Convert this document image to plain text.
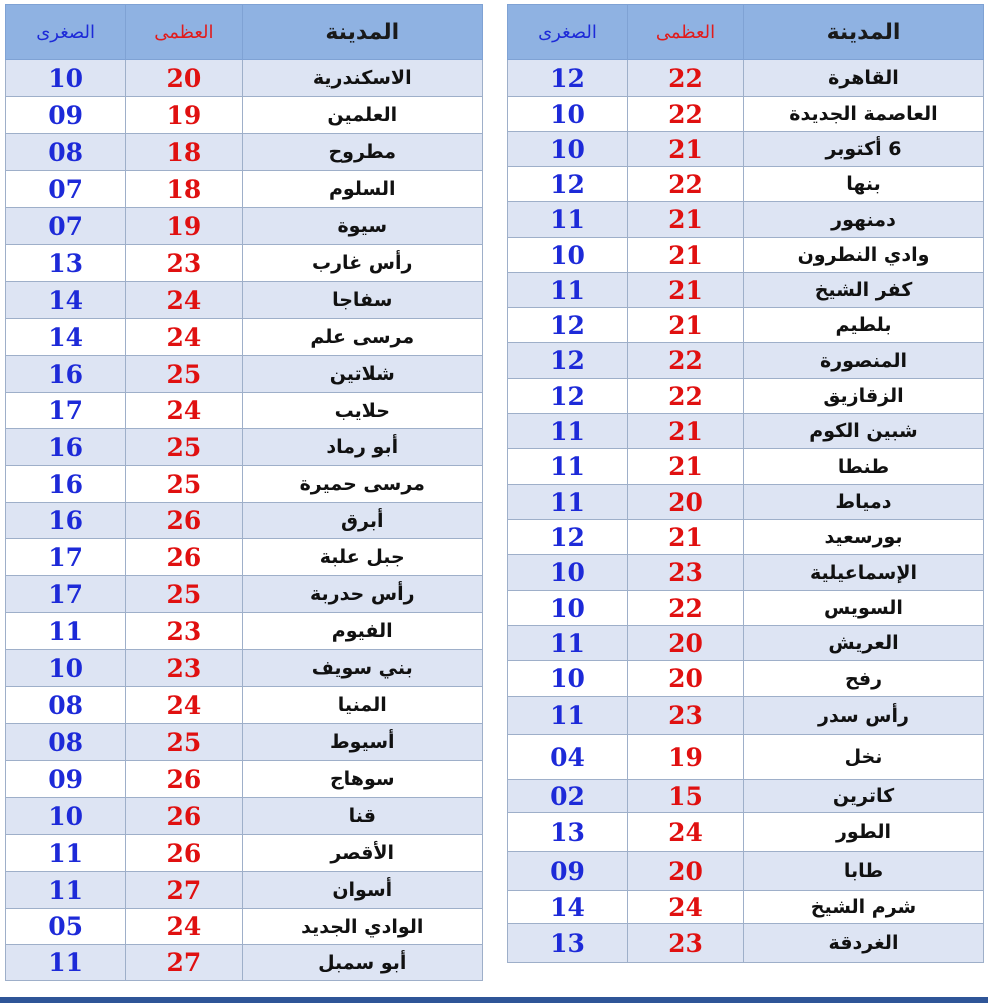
المدينة	العظمى	الصغرى
القاهرة	22	12
العاصمة الجديدة	22	10
6 أكتوبر	21	10
بنها	22	12
دمنهور	21	11
وادي النطرون	21	10
كفر الشيخ	21	11
بلطيم	21	12
المنصورة	22	12
الزقازيق	22	12
شبين الكوم	21	11
طنطا	21	11
دمياط	20	11
بورسعيد	21	12
الإسماعيلية	23	10
السويس	22	10
العريش	20	11
رفح	20	10
رأس سدر	23	11
نخل	19	04
كاترين	15	02
الطور	24	13
طابا	20	09
شرم الشيخ	24	14
الغردقة	23	13
المدينة	العظمى	الصغرى
الاسكندرية	20	10
العلمين	19	09
مطروح	18	08
السلوم	18	07
سيوة	19	07
رأس غارب	23	13
سفاجا	24	14
مرسى علم	24	14
شلاتين	25	16
حلايب	24	17
أبو رماد	25	16
مرسى حميرة	25	16
أبرق	26	16
جبل علبة	26	17
رأس حدربة	25	17
الفيوم	23	11
بني سويف	23	10
المنيا	24	08
أسيوط	25	08
سوهاج	26	09
قنا	26	10
الأقصر	26	11
أسوان	27	11
الوادي الجديد	24	05
أبو سمبل	27	11
